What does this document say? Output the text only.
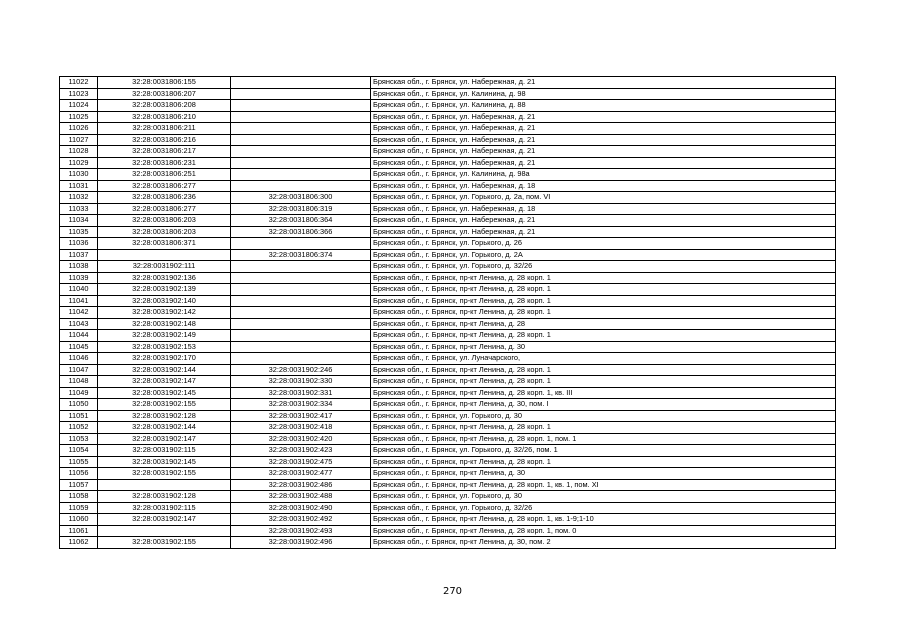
11022	32:28:0031806:155		Брянская обл., г. Брянск, ул. Набережная, д. 21
11023	32:28:0031806:207		Брянская обл., г. Брянск, ул. Калинина, д. 98
11024	32:28:0031806:208		Брянская обл., г. Брянск, ул. Калинина, д. 88
11025	32:28:0031806:210		Брянская обл., г. Брянск, ул. Набережная, д. 21
11026	32:28:0031806:211		Брянская обл., г. Брянск, ул. Набережная, д. 21
11027	32:28:0031806:216		Брянская обл., г. Брянск, ул. Набережная, д. 21
11028	32:28:0031806:217		Брянская обл., г. Брянск, ул. Набережная, д. 21
11029	32:28:0031806:231		Брянская обл., г. Брянск, ул. Набережная, д. 21
11030	32:28:0031806:251		Брянская обл., г. Брянск, ул. Калинина, д. 98а
11031	32:28:0031806:277		Брянская обл., г. Брянск, ул. Набережная, д. 18
11032	32:28:0031806:236	32:28:0031806:300	Брянская обл., г. Брянск, ул. Горького, д. 2а, пом. VI
11033	32:28:0031806:277	32:28:0031806:319	Брянская обл., г. Брянск, ул. Набережная, д. 18
11034	32:28:0031806:203	32:28:0031806:364	Брянская обл., г. Брянск, ул. Набережная, д. 21
11035	32:28:0031806:203	32:28:0031806:366	Брянская обл., г. Брянск, ул. Набережная, д. 21
11036	32:28:0031806:371		Брянская обл., г. Брянск, ул. Горького, д. 26
11037		32:28:0031806:374	Брянская обл., г. Брянск, ул. Горького, д. 2А
11038	32:28:0031902:111		Брянская обл., г. Брянск, ул. Горького, д. 32/26
11039	32:28:0031902:136		Брянская обл., г. Брянск, пр-кт Ленина, д. 28 корп. 1
11040	32:28:0031902:139		Брянская обл., г. Брянск, пр-кт Ленина, д. 28 корп. 1
11041	32:28:0031902:140		Брянская обл., г. Брянск, пр-кт Ленина, д. 28 корп. 1
11042	32:28:0031902:142		Брянская обл., г. Брянск, пр-кт Ленина, д. 28 корп. 1
11043	32:28:0031902:148		Брянская обл., г. Брянск, пр-кт Ленина, д. 28
11044	32:28:0031902:149		Брянская обл., г. Брянск, пр-кт Ленина, д. 28 корп. 1
11045	32:28:0031902:153		Брянская обл., г. Брянск, пр-кт Ленина, д. 30
11046	32:28:0031902:170		Брянская обл., г. Брянск, ул. Луначарского,
11047	32:28:0031902:144	32:28:0031902:246	Брянская обл., г. Брянск, пр-кт Ленина, д. 28 корп. 1
11048	32:28:0031902:147	32:28:0031902:330	Брянская обл., г. Брянск, пр-кт Ленина, д. 28 корп. 1
11049	32:28:0031902:145	32:28:0031902:331	Брянская обл., г. Брянск, пр-кт Ленина, д. 28 корп. 1, кв. III
11050	32:28:0031902:155	32:28:0031902:334	Брянская обл., г. Брянск, пр-кт Ленина, д. 30, пом. I
11051	32:28:0031902:128	32:28:0031902:417	Брянская обл., г. Брянск, ул. Горького, д. 30
11052	32:28:0031902:144	32:28:0031902:418	Брянская обл., г. Брянск, пр-кт Ленина, д. 28 корп. 1
11053	32:28:0031902:147	32:28:0031902:420	Брянская обл., г. Брянск, пр-кт Ленина, д. 28 корп. 1, пом. 1
11054	32:28:0031902:115	32:28:0031902:423	Брянская обл., г. Брянск, ул. Горького, д. 32/26, пом. 1
11055	32:28:0031902:145	32:28:0031902:475	Брянская обл., г. Брянск, пр-кт Ленина, д. 28 корп. 1
11056	32:28:0031902:155	32:28:0031902:477	Брянская обл., г. Брянск, пр-кт Ленина, д. 30
11057		32:28:0031902:486	Брянская обл., г. Брянск, пр-кт Ленина, д. 28 корп. 1, кв. 1, пом. XI
11058	32:28:0031902:128	32:28:0031902:488	Брянская обл., г. Брянск, ул. Горького, д. 30
11059	32:28:0031902:115	32:28:0031902:490	Брянская обл., г. Брянск, ул. Горького, д. 32/26
11060	32:28:0031902:147	32:28:0031902:492	Брянская обл., г. Брянск, пр-кт Ленина, д. 28 корп. 1, кв. 1-9;1-10
11061		32:28:0031902:493	Брянская обл., г. Брянск, пр-кт Ленина, д. 28 корп. 1, пом. 0
11062	32:28:0031902:155	32:28:0031902:496	Брянская обл., г. Брянск, пр-кт Ленина, д. 30, пом. 2
270
